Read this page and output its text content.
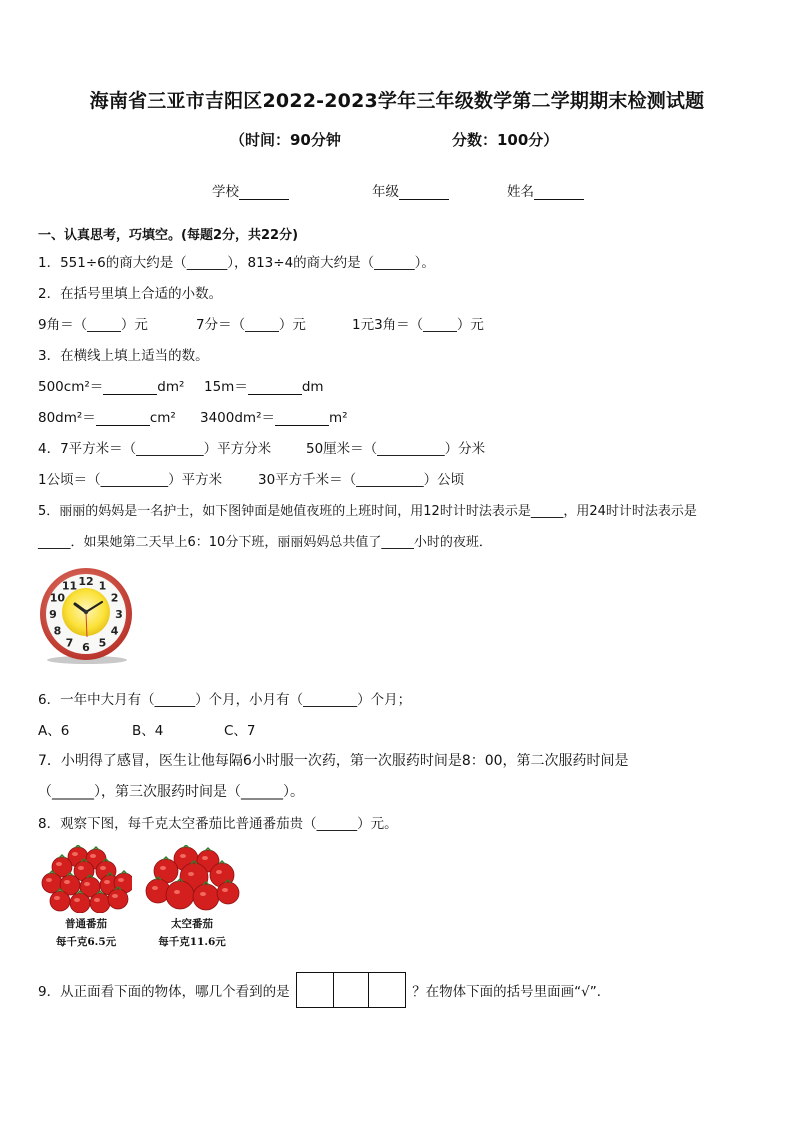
海南省三亚市吉阳区2022-2023学年三年级数学第二学期期末检测试题
（时间：90分钟	分数：100分）
学校	年级	姓名
一、认真思考，巧填空。(每题2分，共22分)
1．551÷6的商大约是（______），813÷4的商大约是（______）。
2．在括号里填上合适的小数。
9角＝（_____）元	7分＝（_____）元	1元3角＝（_____）元
3．在横线上填上适当的数。
500cm²＝	dm² 15m＝	dm
80dm²＝	cm² 3400dm²＝	m²
4．7平方米＝（__________）平方分米	50厘米＝（__________）分米
1公顷＝（__________）平方米	30平方千米＝（__________）公顷
5．丽丽的妈妈是一名护士，如下图钟面是她值夜班的上班时间，用12时计时法表示是_____，用24时计时法表示是
_____．如果她第二天早上6：10分下班，丽丽妈妈总共值了_____小时的夜班．
12 1
2
3
4
5
6
7
8
9
10
11
6．一年中大月有（______）个月，小月有（________）个月；
A、6	B、4	C、7
7．小明得了感冒，医生让他每隔6小时服一次药，第一次服药时间是8：00，第二次服药时间是
（______），第三次服药时间是（______）。
8．观察下图，每千克太空番茄比普通番茄贵（______）元。
普通番茄
每千克6.5元
太空番茄
每千克11.6元
9．从正面看下面的物体，哪几个看到的是	？在物体下面的括号里面画“√”．
